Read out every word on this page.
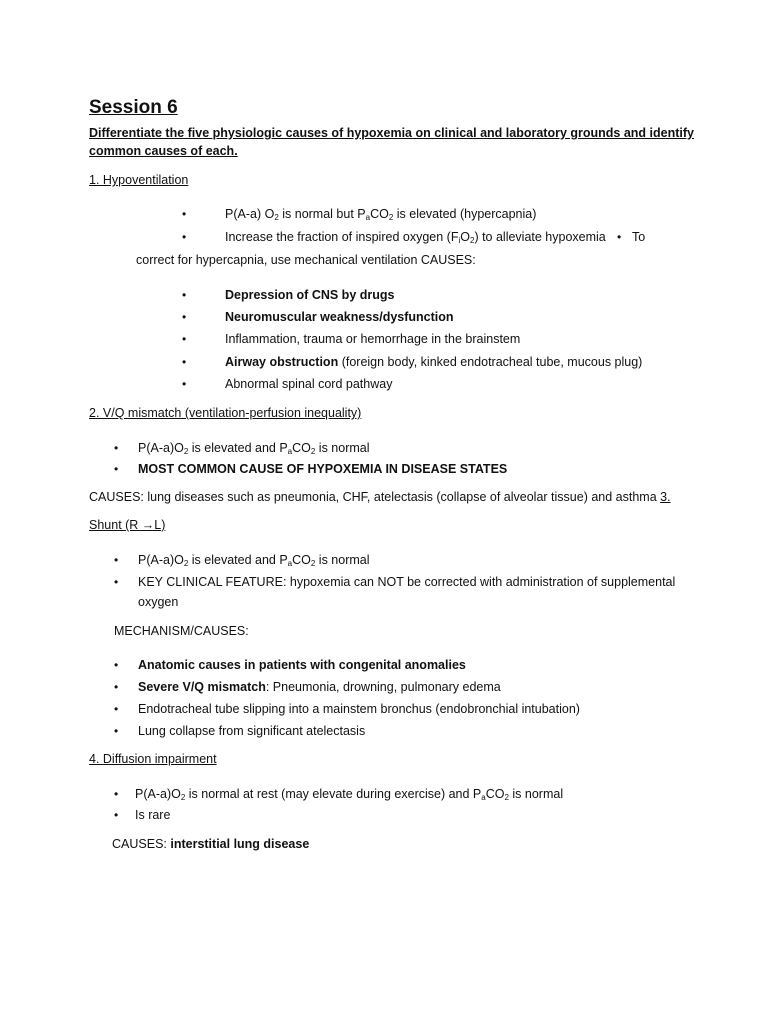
Session 6
Differentiate the five physiologic causes of hypoxemia on clinical and laboratory grounds and identify
common causes of each.
1. Hypoventilation
•	P(A-a) $O_2$ is normal but $P_aCO_2$ is elevated (hypercapnia)
•	Increase the fraction of inspired oxygen $(F_iO_2)$ to alleviate hypoxemia • To
correct for hypercapnia, use mechanical ventilation CAUSES:
•	Depression of CNS by drugs
•	Neuromuscular weakness/dysfunction
•	Inflammation, trauma or hemorrhage in the brainstem
•	Airway obstruction (foreign body, kinked endotracheal tube, mucous plug)
•	Abnormal spinal cord pathway
2. V/Q mismatch (ventilation-perfusion inequality)
• $P(A-a)O_2$ is elevated and $P_aCO_2$ is normal
• MOST COMMON CAUSE OF HYPOXEMIA IN DISEASE STATES
CAUSES: lung diseases such as pneumonia, CHF, atelectasis (collapse of alveolar tissue) and asthma 3.
Shunt (R →L)
• $P(A-a)O_2$ is elevated and $P_aCO_2$ is normal
• KEY CLINICAL FEATURE: hypoxemia can NOT be corrected with administration of supplemental
oxygen
MECHANISM/CAUSES:
• Anatomic causes in patients with congenital anomalies
• Severe V/Q mismatch: Pneumonia, drowning, pulmonary edema
• Endotracheal tube slipping into a mainstem bronchus (endobronchial intubation)
• Lung collapse from significant atelectasis
4. Diffusion impairment
• $P(A-a)O_2$ is normal at rest (may elevate during exercise) and $P_aCO_2$ is normal
• Is rare
CAUSES: interstitial lung disease
